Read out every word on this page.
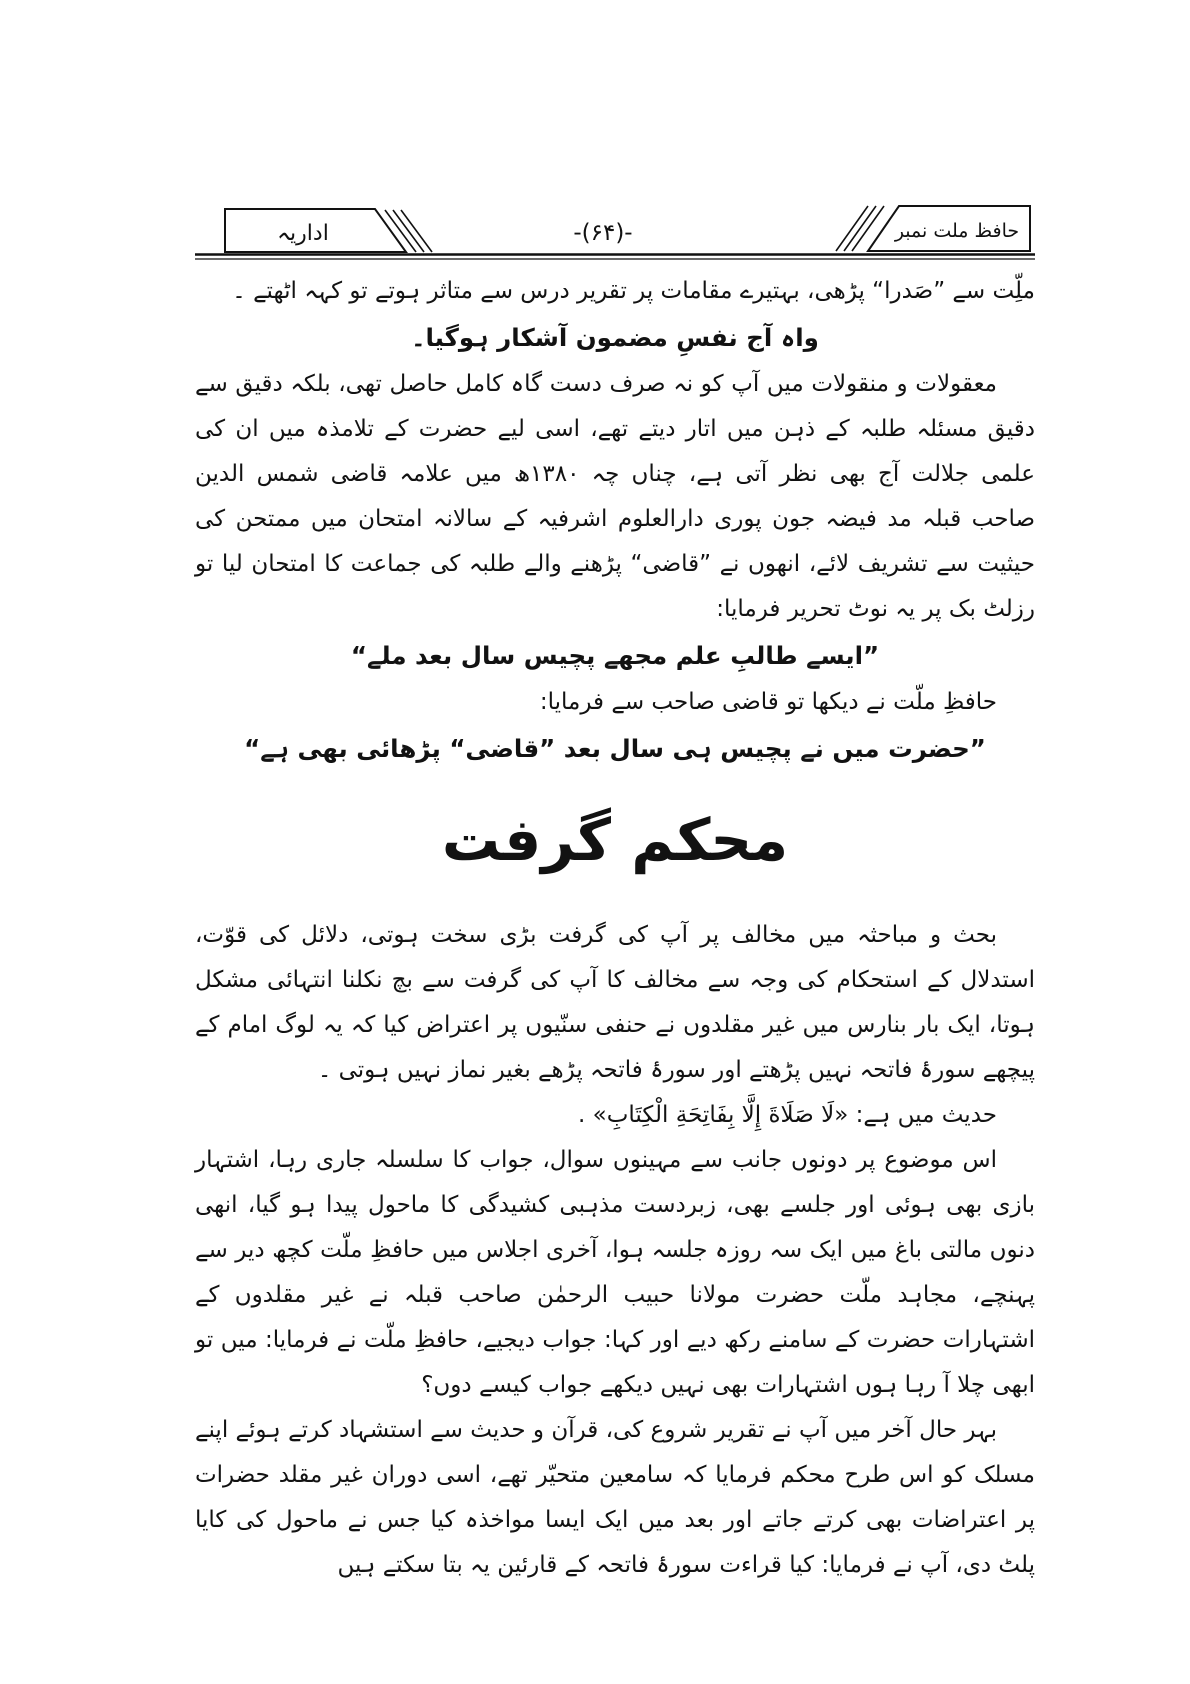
-(۶۴)-
اداریہ	حافظ ملت نمبر

ملِّت سے ”صَدرا“ پڑھی، بہتیرے مقامات پر تقریر درس سے متاثر ہوتے تو کہہ اٹھتے ۔

واہ آج نفسِ مضمون آشکار ہوگیا۔

معقولات و منقولات میں آپ کو نہ صرف دست گاہ کامل حاصل تھی، بلکہ دقیق سے دقیق مسئلہ طلبہ کے ذہن میں اتار دیتے تھے، اسی لیے حضرت کے تلامذہ میں ان کی علمی جلالت آج بھی نظر آتی ہے، چناں چہ ۱۳۸۰ھ میں علامہ قاضی شمس الدین صاحب قبلہ مد فیضہ جون پوری دارالعلوم اشرفیہ کے سالانہ امتحان میں ممتحن کی حیثیت سے تشریف لائے، انھوں نے ”قاضی“ پڑھنے والے طلبہ کی جماعت کا امتحان لیا تو رزلٹ بک پر یہ نوٹ تحریر فرمایا:

”ایسے طالبِ علم مجھے پچیس سال بعد ملے“

حافظِ ملّت نے دیکھا تو قاضی صاحب سے فرمایا:

”حضرت میں نے پچیس ہی سال بعد ”قاضی“ پڑھائی بھی ہے“

محکم گرفت

بحث و مباحثہ میں مخالف پر آپ کی گرفت بڑی سخت ہوتی، دلائل کی قوّت، استدلال کے استحکام کی وجہ سے مخالف کا آپ کی گرفت سے بچ نکلنا انتہائی مشکل ہوتا، ایک بار بنارس میں غیر مقلدوں نے حنفی سنّیوں پر اعتراض کیا کہ یہ لوگ امام کے پیچھے سورۂ فاتحہ نہیں پڑھتے اور سورۂ فاتحہ پڑھے بغیر نماز نہیں ہوتی ۔

حدیث میں ہے: «لَا صَلَاةَ إِلَّا بِفَاتِحَةِ الْكِتَابِ» .

اس موضوع پر دونوں جانب سے مہینوں سوال، جواب کا سلسلہ جاری رہا، اشتہار بازی بھی ہوئی اور جلسے بھی، زبردست مذہبی کشیدگی کا ماحول پیدا ہو گیا، انھی دنوں مالتی باغ میں ایک سہ روزہ جلسہ ہوا، آخری اجلاس میں حافظِ ملّت کچھ دیر سے پہنچے، مجاہد ملّت حضرت مولانا حبیب الرحمٰن صاحب قبلہ نے غیر مقلدوں کے اشتہارات حضرت کے سامنے رکھ دیے اور کہا: جواب دیجیے، حافظِ ملّت نے فرمایا: میں تو ابھی چلا آ رہا ہوں اشتہارات بھی نہیں دیکھے جواب کیسے دوں؟

بہر حال آخر میں آپ نے تقریر شروع کی، قرآن و حدیث سے استشہاد کرتے ہوئے اپنے مسلک کو اس طرح محکم فرمایا کہ سامعین متحیّر تھے، اسی دوران غیر مقلد حضرات پر اعتراضات بھی کرتے جاتے اور بعد میں ایک ایسا مواخذہ کیا جس نے ماحول کی کایا پلٹ دی، آپ نے فرمایا: کیا قراءت سورۂ فاتحہ کے قارئین یہ بتا سکتے ہیں
